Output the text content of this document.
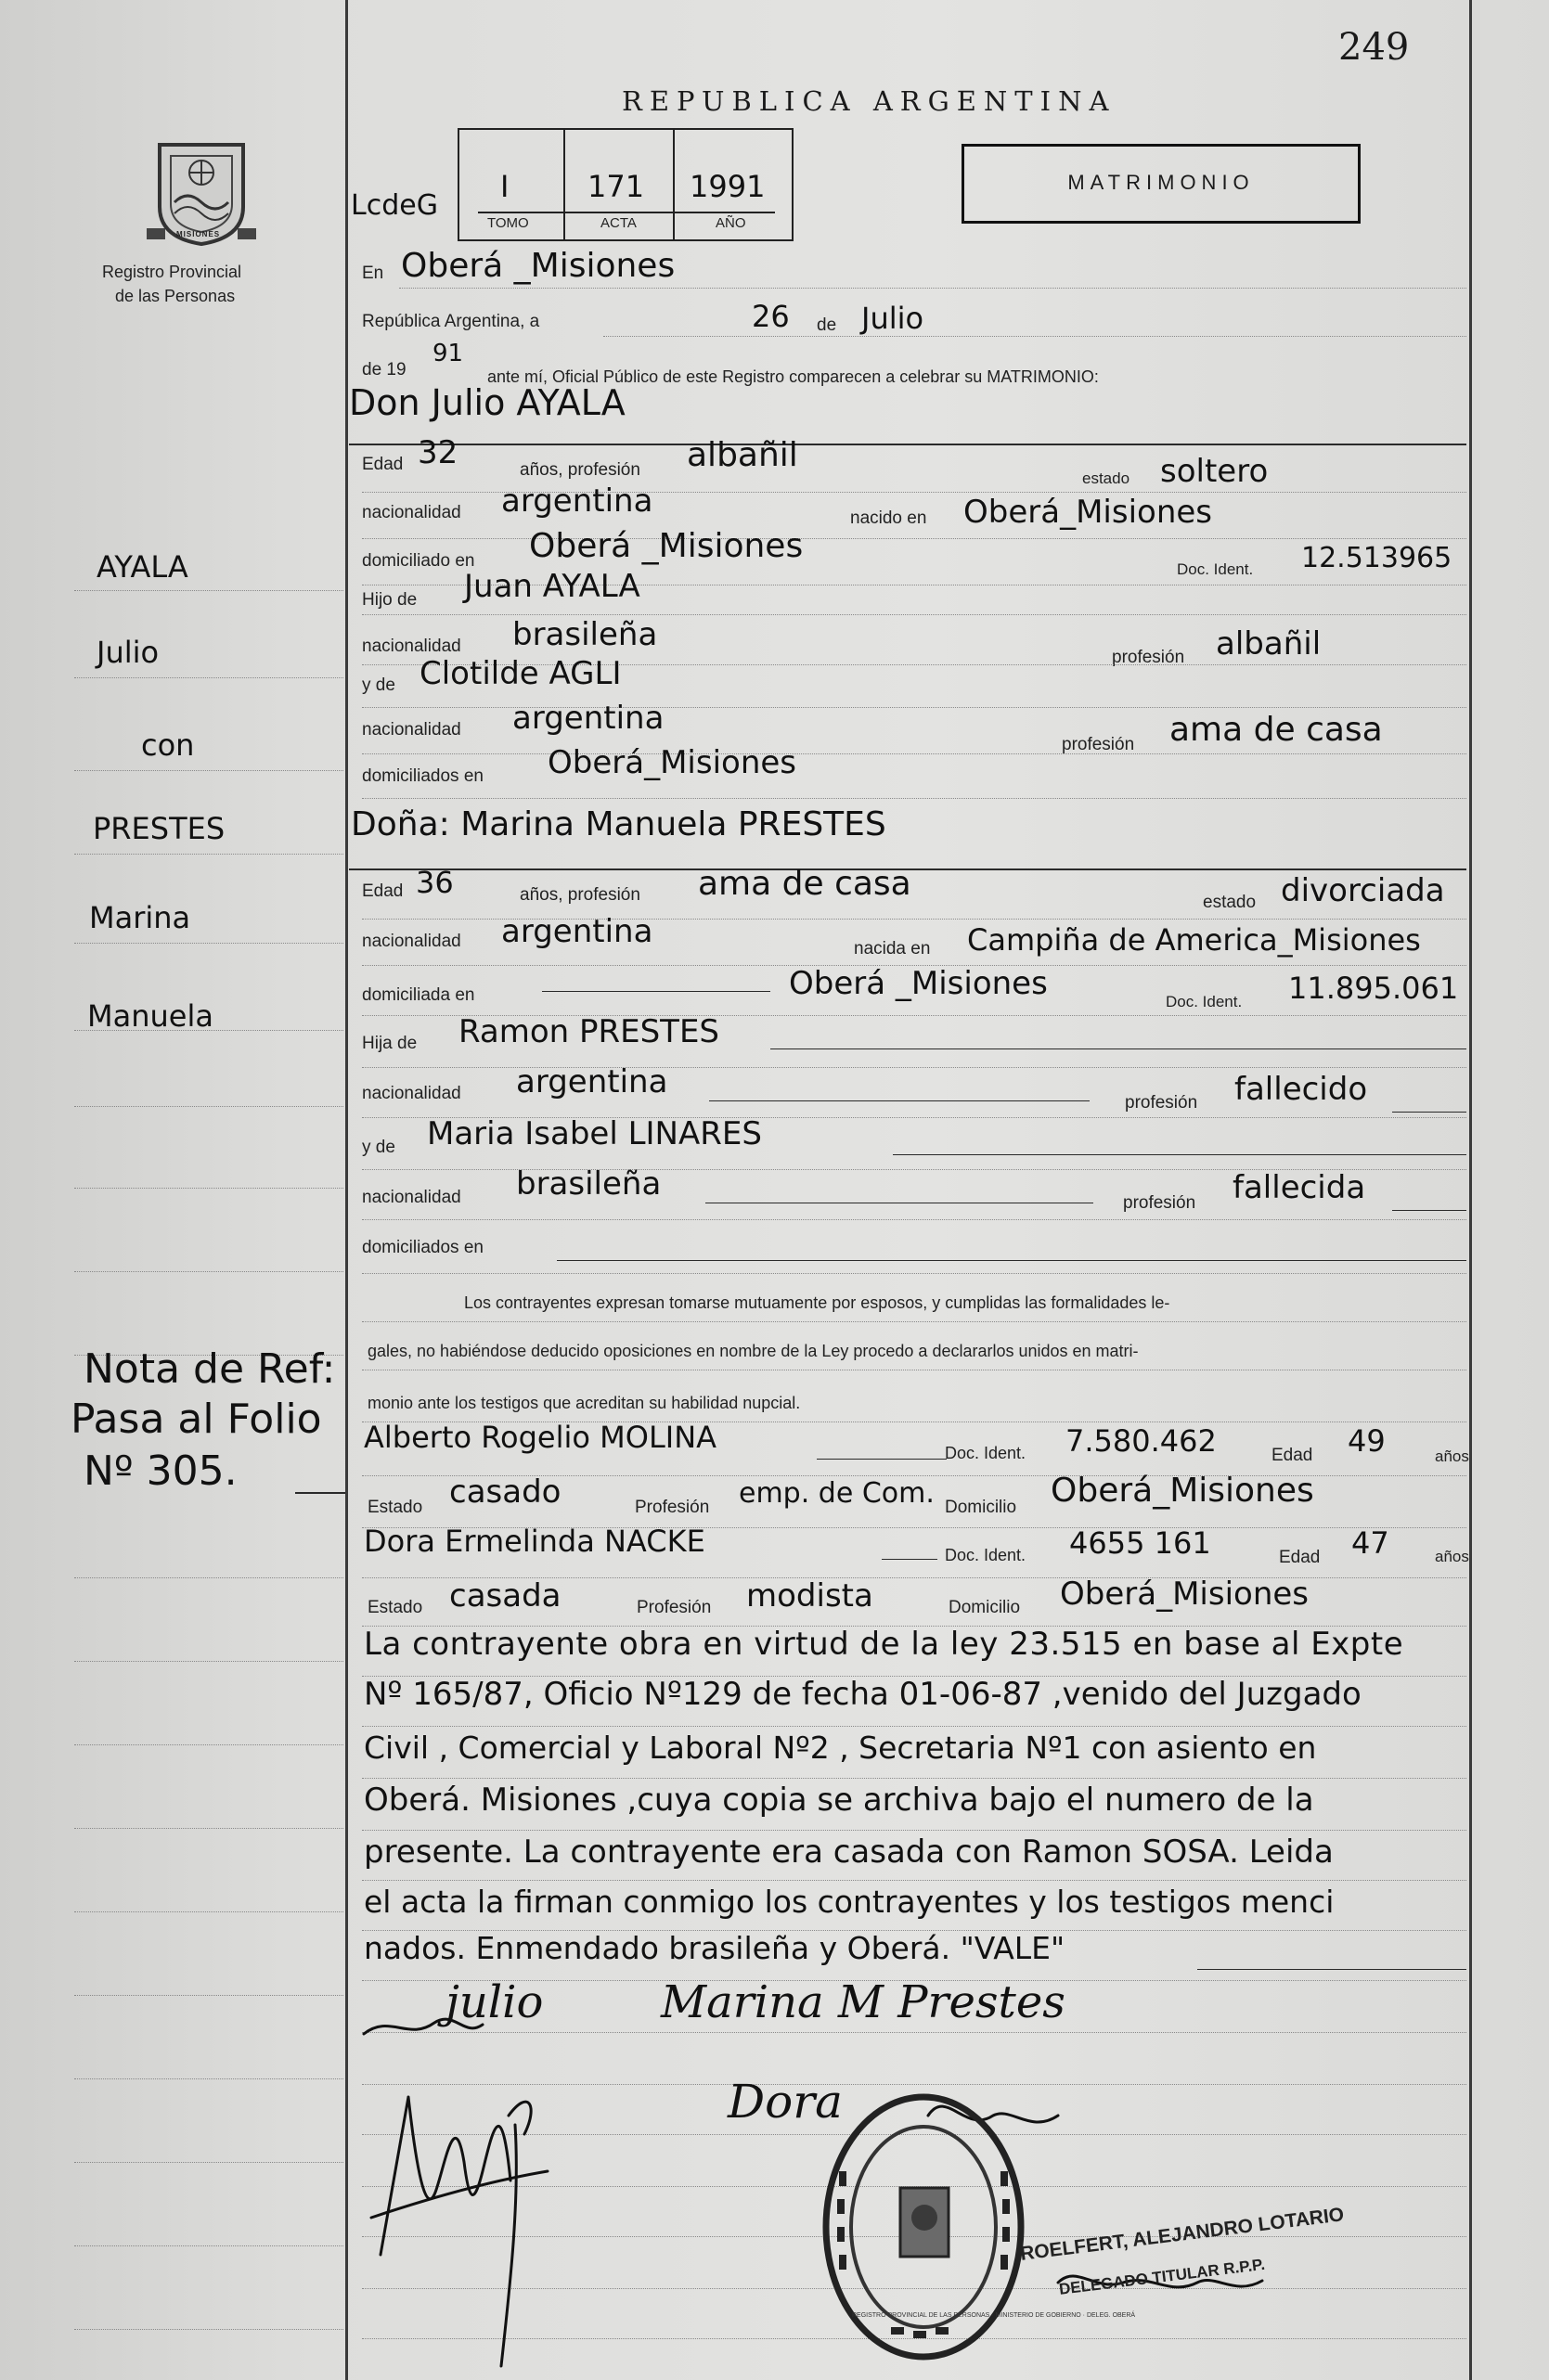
249
REPUBLICA ARGENTINA
MATRIMONIO
MISIONES
Registro Provincial
de las Personas
LcdeG
I	171 1991
TOMO	ACTA	AÑO
En Oberá _Misiones
República Argentina, a	26 de Julio
de 19
91
ante mí, Oficial Público de este Registro comparecen a celebrar su MATRIMONIO:
Don Julio AYALA
Edad 32	años, profesión albañil
estado soltero
nacionalidad argentina	nacido en Oberá_Misiones
domiciliado en Oberá _Misiones
Doc. Ident. 12.513965
Hijo de Juan AYALA
nacionalidad brasileña
profesión albañil
y de Clotilde AGLI
nacionalidad argentina
profesión ama de casa
domiciliados en Oberá_Misiones
Doña: Marina Manuela PRESTES
Edad 36	años, profesión ama de casa	estado divorciada
nacionalidad argentina	nacida en Campiña de America_Misiones
domiciliada en	Oberá _Misiones	Doc. Ident. 11.895.061
Hija de Ramon PRESTES
nacionalidad argentina
profesión fallecido
y de Maria Isabel LINARES
nacionalidad brasileña
profesión fallecida
domiciliados en
Los contrayentes expresan tomarse mutuamente por esposos, y cumplidas las formalidades le-
gales, no habiéndose deducido oposiciones en nombre de la Ley procedo a declararlos unidos en matri-
monio ante los testigos que acreditan su habilidad nupcial.
Alberto Rogelio MOLINA	Doc. Ident. 7.580.462	Edad 49	años
Estado casado	Profesión emp. de Com. Domicilio Oberá_Misiones
Dora Ermelinda NACKE	Doc. Ident. 4655 161	Edad 47	años
Estado casada	Profesión modista	Domicilio Oberá_Misiones
La contrayente obra en virtud de la ley 23.515 en base al Expte
Nº 165/87, Oficio Nº129 de fecha 01-06-87 ,venido del Juzgado
Civil , Comercial y Laboral Nº2 , Secretaria Nº1 con asiento en
Oberá. Misiones ,cuya copia se archiva bajo el numero de la
presente. La contrayente era casada con Ramon SOSA. Leida
el acta la firman conmigo los contrayentes y los testigos menci
nados. Enmendado brasileña y Oberá. "VALE"
AYALA
Julio
con
PRESTES
Marina
Manuela
Nota de Ref:
Pasa al Folio
Nº 305.
julio	Marina M Prestes
Dora
REGISTRO PROVINCIAL DE LAS PERSONAS · MINISTERIO DE GOBIERNO · DELEG. OBERÁ
ROELFERT, ALEJANDRO LOTARIO
DELEGADO TITULAR R.P.P.
